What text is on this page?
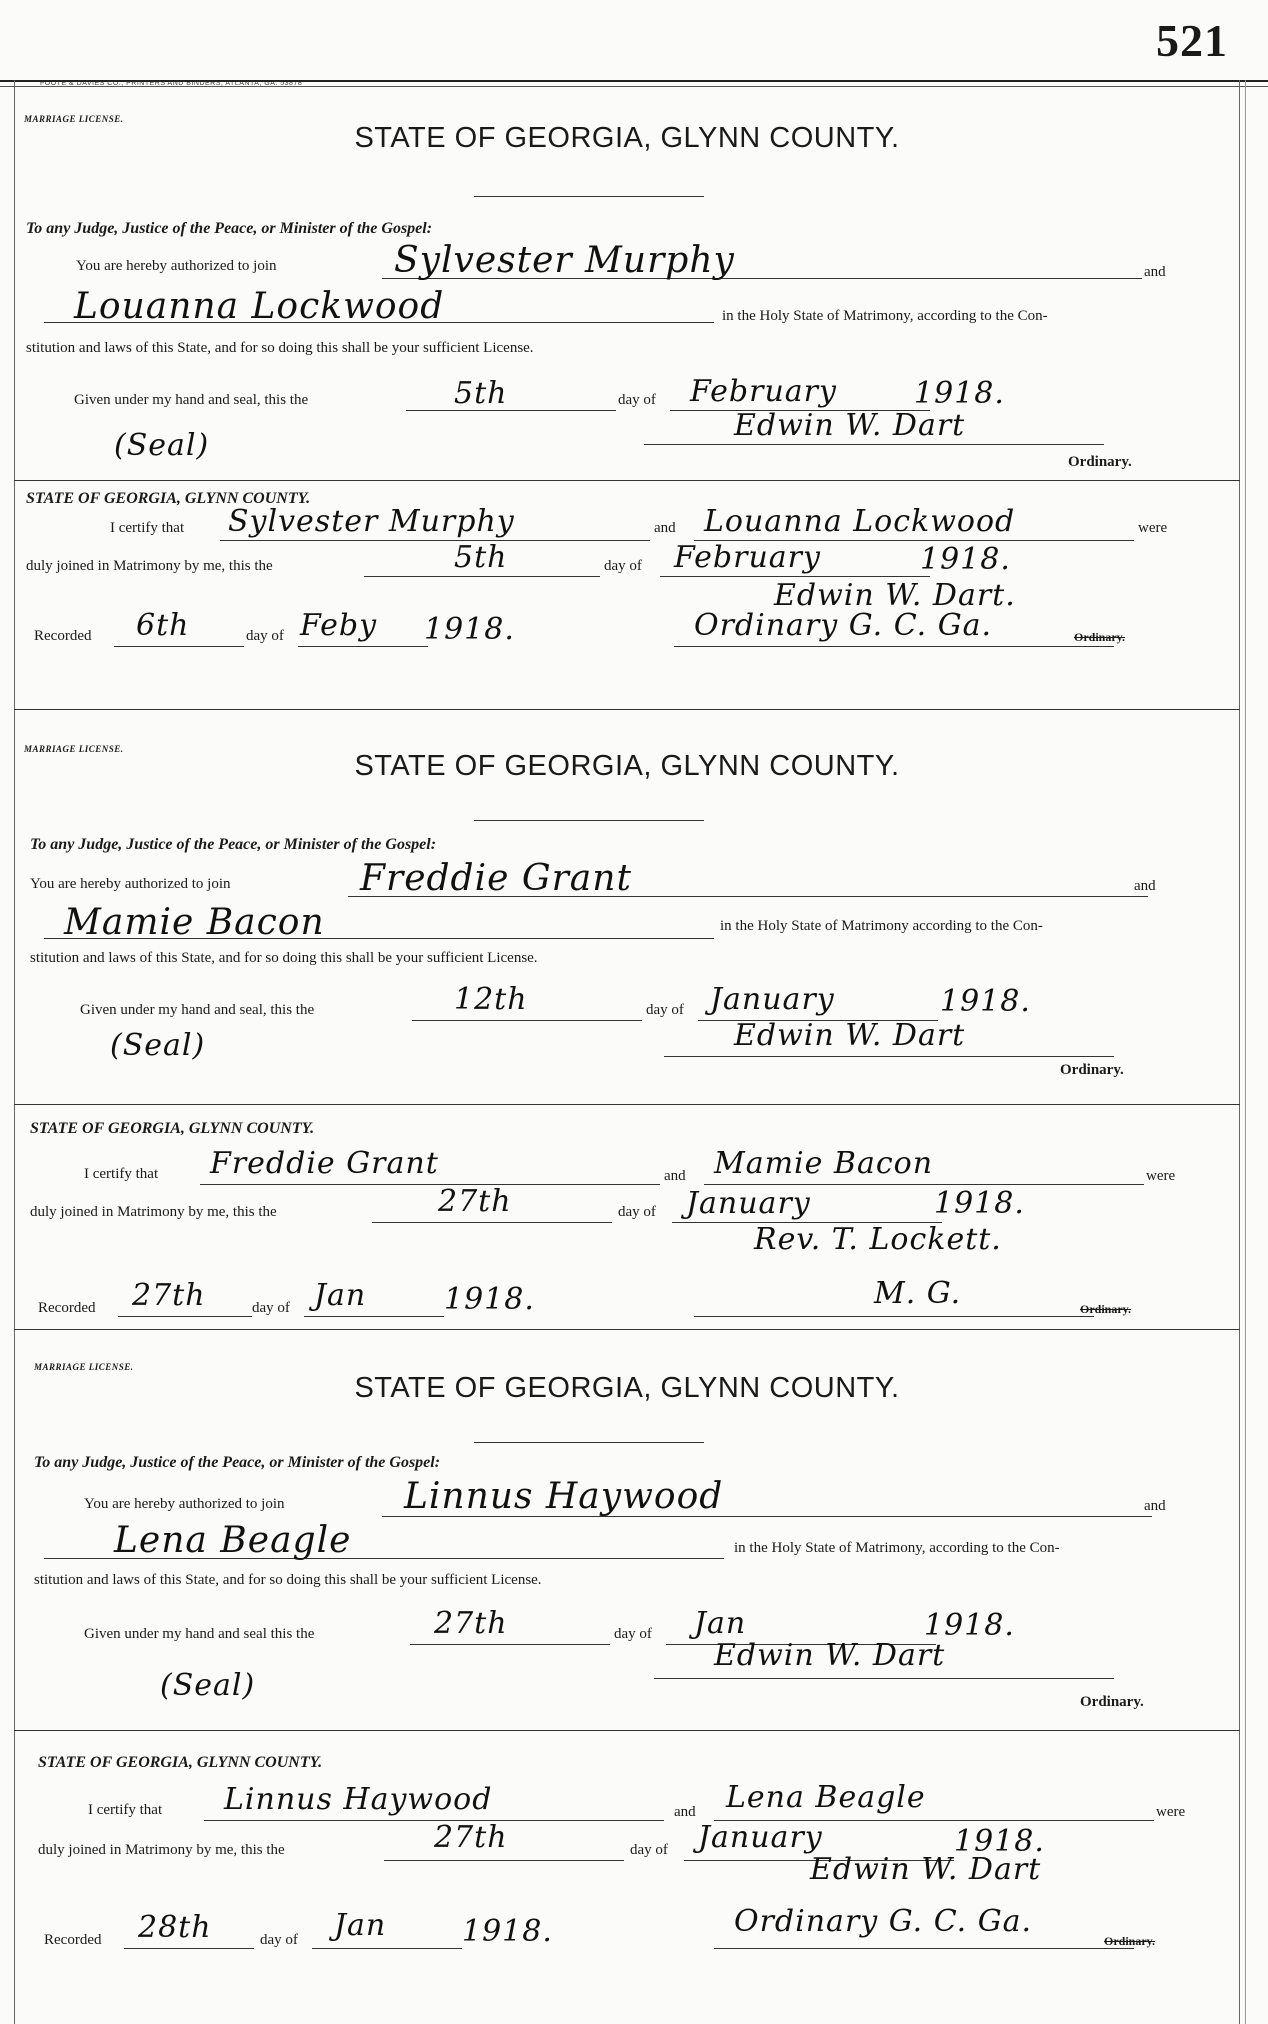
521
FOOTE & DAVIES CO., PRINTERS AND BINDERS, ATLANTA, GA. 53878
MARRIAGE LICENSE.
STATE OF GEORGIA, GLYNN COUNTY.
To any Judge, Justice of the Peace, or Minister of the Gospel:
You are hereby authorized to join	Sylvester Murphy	and
Louanna Lockwood	in the Holy State of Matrimony, according to the Con-
stitution and laws of this State, and for so doing this shall be your sufficient License.
Given under my hand and seal, this the	5th	day of February	1918.
(Seal)
Edwin W. Dart
Ordinary.
STATE OF GEORGIA, GLYNN COUNTY.
I certify that Sylvester Murphy	and Louanna Lockwood	were
duly joined in Matrimony by me, this the	5th	day of February	1918.
Edwin W. Dart.
Recorded 6th	day of Feby 1918.	Ordinary G. C. Ga.	Ordinary.
MARRIAGE LICENSE.
STATE OF GEORGIA, GLYNN COUNTY.
To any Judge, Justice of the Peace, or Minister of the Gospel:
You are hereby authorized to join	Freddie Grant	and
Mamie Bacon	in the Holy State of Matrimony according to the Con-
stitution and laws of this State, and for so doing this shall be your sufficient License.
Given under my hand and seal, this the	12th	day of January	1918.
(Seal)	Edwin W. Dart
Ordinary.
STATE OF GEORGIA, GLYNN COUNTY.
I certify that Freddie Grant	and Mamie Bacon	were
duly joined in Matrimony by me, this the	27th	day of January	1918.
Rev. T. Lockett.
Recorded 27th	day of Jan	1918.	M. G.	Ordinary.
MARRIAGE LICENSE.
STATE OF GEORGIA, GLYNN COUNTY.
To any Judge, Justice of the Peace, or Minister of the Gospel:
You are hereby authorized to join	Linnus Haywood	and
Lena Beagle	in the Holy State of Matrimony, according to the Con-
stitution and laws of this State, and for so doing this shall be your sufficient License.
Given under my hand and seal this the	27th	day of Jan	1918.
(Seal)
Edwin W. Dart
Ordinary.
STATE OF GEORGIA, GLYNN COUNTY.
I certify that Linnus Haywood	and Lena Beagle	were
duly joined in Matrimony by me, this the	27th	day of January	1918.
Edwin W. Dart
Recorded 28th	day of Jan	1918.	Ordinary G. C. Ga.
Ordinary.
